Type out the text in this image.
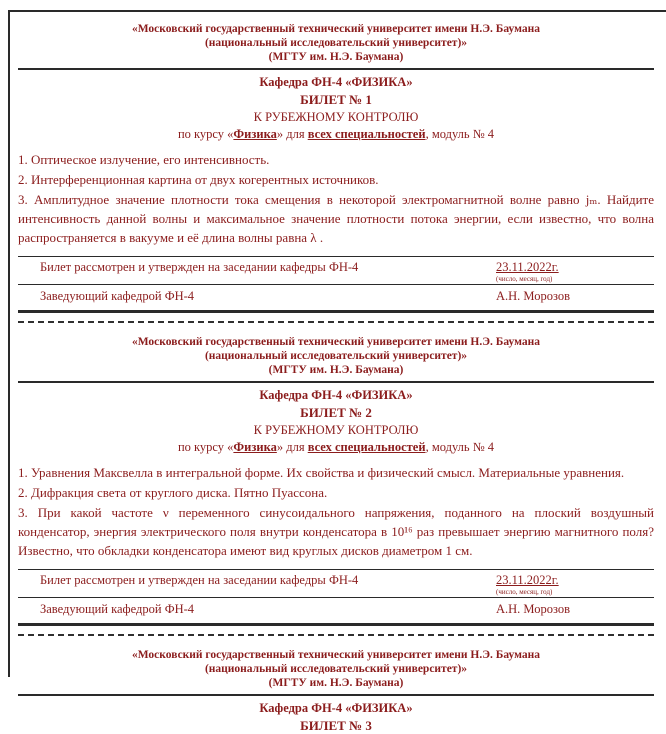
«Московский государственный технический университет имени Н.Э. Баумана
(национальный исследовательский университет)»
(МГТУ им. Н.Э. Баумана)
Кафедра ФН-4 «ФИЗИКА»
БИЛЕТ № 1
К РУБЕЖНОМУ КОНТРОЛЮ
по курсу «Физика» для всех специальностей, модуль № 4

1. Оптическое излучение, его интенсивность.

2. Интерференционная картина от двух когерентных источников.

3. Амплитудное значение плотности тока смещения в некоторой электромагнитной волне равно jₘ. Найдите интенсивность данной волны и максимальное значение плотности потока энергии, если известно, что волна распространяется в вакууме и её длина волны равна λ .

Билет рассмотрен и утвержден на заседании кафедры ФН-4	23.11.2022г.
(число, месяц, год)
Заведующий кафедрой ФН-4	А.Н. Морозов
«Московский государственный технический университет имени Н.Э. Баумана
(национальный исследовательский университет)»
(МГТУ им. Н.Э. Баумана)
Кафедра ФН-4 «ФИЗИКА»
БИЛЕТ № 2
К РУБЕЖНОМУ КОНТРОЛЮ
по курсу «Физика» для всех специальностей, модуль № 4

1. Уравнения Максвелла в интегральной форме. Их свойства и физический смысл. Материальные уравнения.

2. Дифракция света от круглого диска. Пятно Пуассона.

3. При какой частоте ν переменного синусоидального напряжения, поданного на плоский воздушный конденсатор, энергия электрического поля внутри конденсатора в 10¹⁶ раз превышает энергию магнитного поля? Известно, что обкладки конденсатора имеют вид круглых дисков диаметром 1 см.

Билет рассмотрен и утвержден на заседании кафедры ФН-4	23.11.2022г.
(число, месяц, год)
Заведующий кафедрой ФН-4	А.Н. Морозов
«Московский государственный технический университет имени Н.Э. Баумана
(национальный исследовательский университет)»
(МГТУ им. Н.Э. Баумана)
Кафедра ФН-4 «ФИЗИКА»
БИЛЕТ № 3
